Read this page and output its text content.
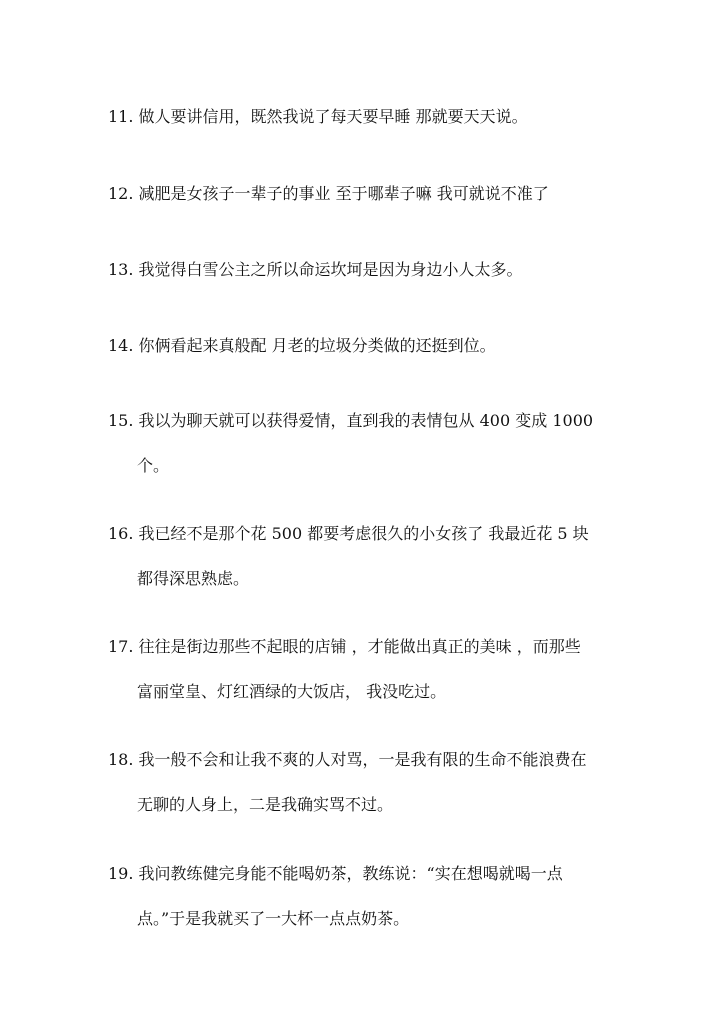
11. 做人要讲信用，既然我说了每天要早睡 那就要天天说。
12. 减肥是女孩子一辈子的事业 至于哪辈子嘛 我可就说不准了
13. 我觉得白雪公主之所以命运坎坷是因为身边小人太多。
14. 你俩看起来真般配 月老的垃圾分类做的还挺到位。
15. 我以为聊天就可以获得爱情，直到我的表情包从 400 变成 1000
个。
16. 我已经不是那个花 500 都要考虑很久的小女孩了 我最近花 5 块
都得深思熟虑。
17. 往往是街边那些不起眼的店铺 ，才能做出真正的美味 ，而那些
富丽堂皇、灯红酒绿的大饭店， 我没吃过。
18. 我一般不会和让我不爽的人对骂，一是我有限的生命不能浪费在
无聊的人身上，二是我确实骂不过。
19. 我问教练健完身能不能喝奶茶，教练说：“实在想喝就喝一点
点。”于是我就买了一大杯一点点奶茶。
